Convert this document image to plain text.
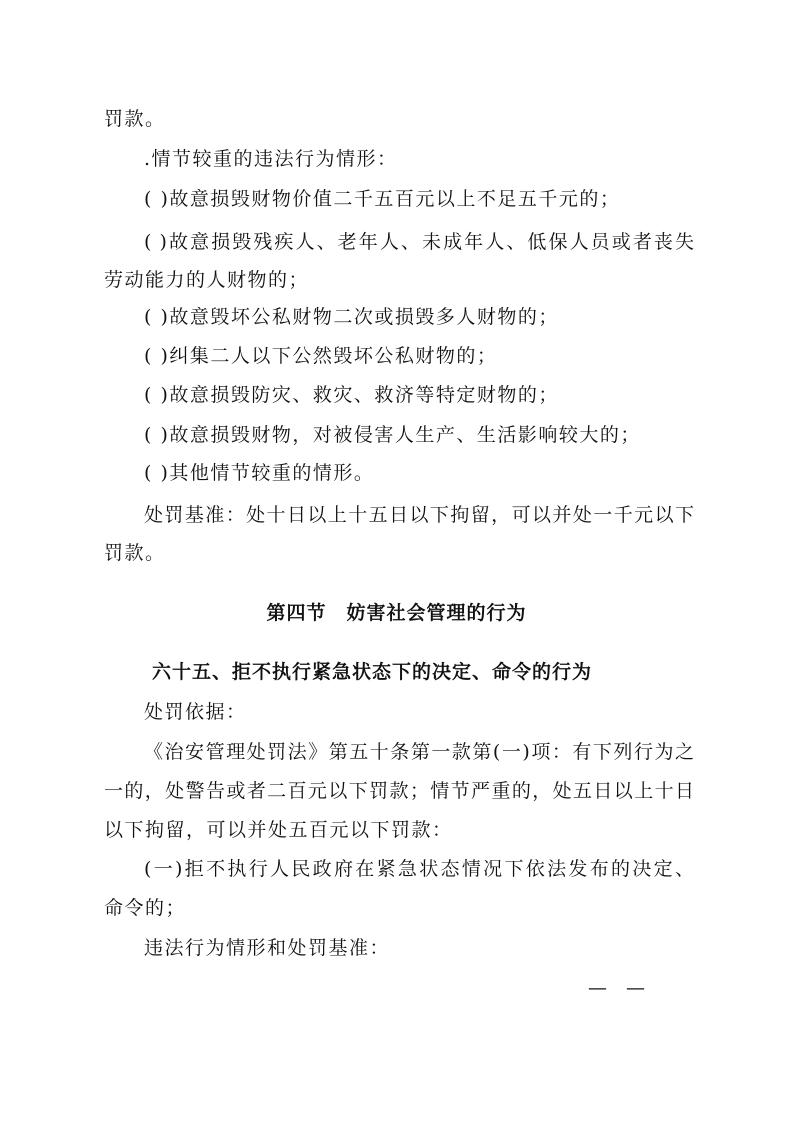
罚款。
.情节较重的违法行为情形：
( )故意损毁财物价值二千五百元以上不足五千元的；
( )故意损毁残疾人、老年人、未成年人、低保人员或者丧失
劳动能力的人财物的；
( )故意毁坏公私财物二次或损毁多人财物的；
( )纠集二人以下公然毁坏公私财物的；
( )故意损毁防灾、救灾、救济等特定财物的；
( )故意损毁财物，对被侵害人生产、生活影响较大的；
( )其他情节较重的情形。
处罚基准：处十日以上十五日以下拘留，可以并处一千元以下
罚款。
第四节　妨害社会管理的行为
六十五、拒不执行紧急状态下的决定、命令的行为
处罚依据：
《治安管理处罚法》第五十条第一款第(一)项：有下列行为之
一的，处警告或者二百元以下罚款；情节严重的，处五日以上十日
以下拘留，可以并处五百元以下罚款：
(一)拒不执行人民政府在紧急状态情况下依法发布的决定、
命令的；
违法行为情形和处罚基准：
—　—
